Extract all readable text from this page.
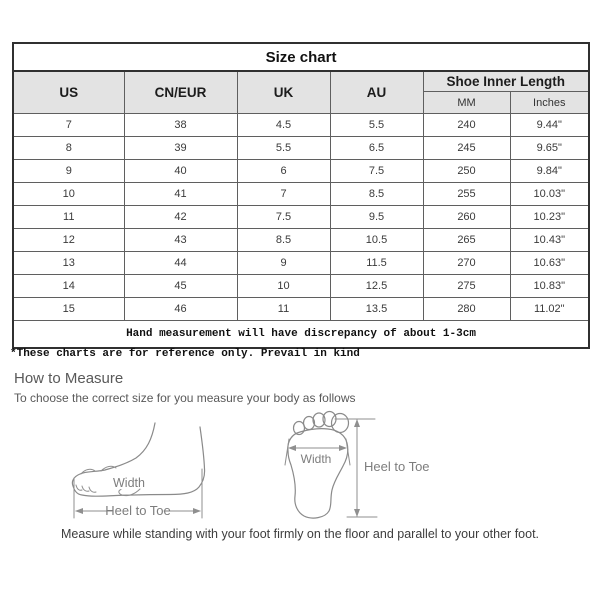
Size chart					
US	CN/EUR	UK	AU	Shoe Inner Length	
				MM	Inches
7	38	4.5	5.5	240	9.44"
8	39	5.5	6.5	245	9.65"
9	40	6	7.5	250	9.84"
10	41	7	8.5	255	10.03"
11	42	7.5	9.5	260	10.23"
12	43	8.5	10.5	265	10.43"
13	44	9	11.5	270	10.63"
14	45	10	12.5	275	10.83"
15	46	11	13.5	280	11.02"
Hand measurement will have discrepancy of about 1-3cm					
*These charts are for reference only. Prevail in kind
How to Measure
To choose the correct size for you measure your body as follows
Width
Heel to Toe
Width	Heel to Toe
Measure while standing with your foot firmly on the floor and parallel to your other foot.
